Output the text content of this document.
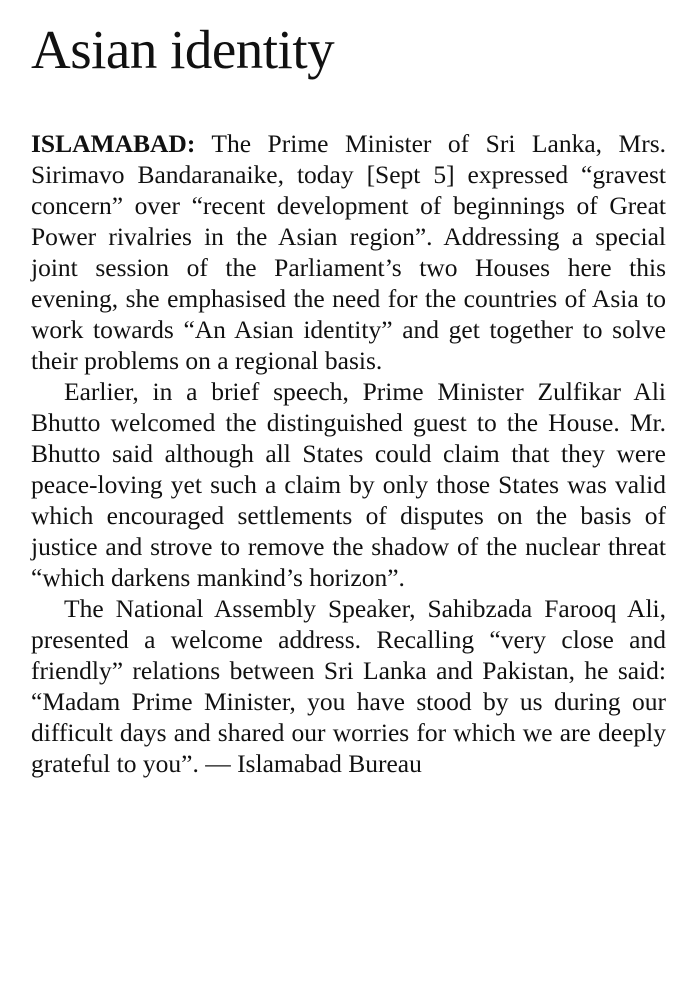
Asian identity

ISLAMABAD: The Prime Minister of Sri Lanka, Mrs. Sirimavo Bandaranaike, today [Sept 5] expressed “gravest concern” over “recent development of beginnings of Great Power rivalries in the Asian region”. Addressing a special joint session of the Parliament’s two Houses here this evening, she emphasised the need for the countries of Asia to work towards “An Asian identity” and get together to solve their problems on a regional basis.

Earlier, in a brief speech, Prime Minister Zulfikar Ali Bhutto welcomed the distinguished guest to the House. Mr. Bhutto said although all States could claim that they were peace-loving yet such a claim by only those States was valid which encouraged settlements of disputes on the basis of justice and strove to remove the shadow of the nuclear threat “which darkens mankind’s horizon”.

The National Assembly Speaker, Sahibzada Farooq Ali, presented a welcome address. Recalling “very close and friendly” relations between Sri Lanka and Pakistan, he said: “Madam Prime Minister, you have stood by us during our difficult days and shared our worries for which we are deeply grateful to you”. — Islamabad Bureau
